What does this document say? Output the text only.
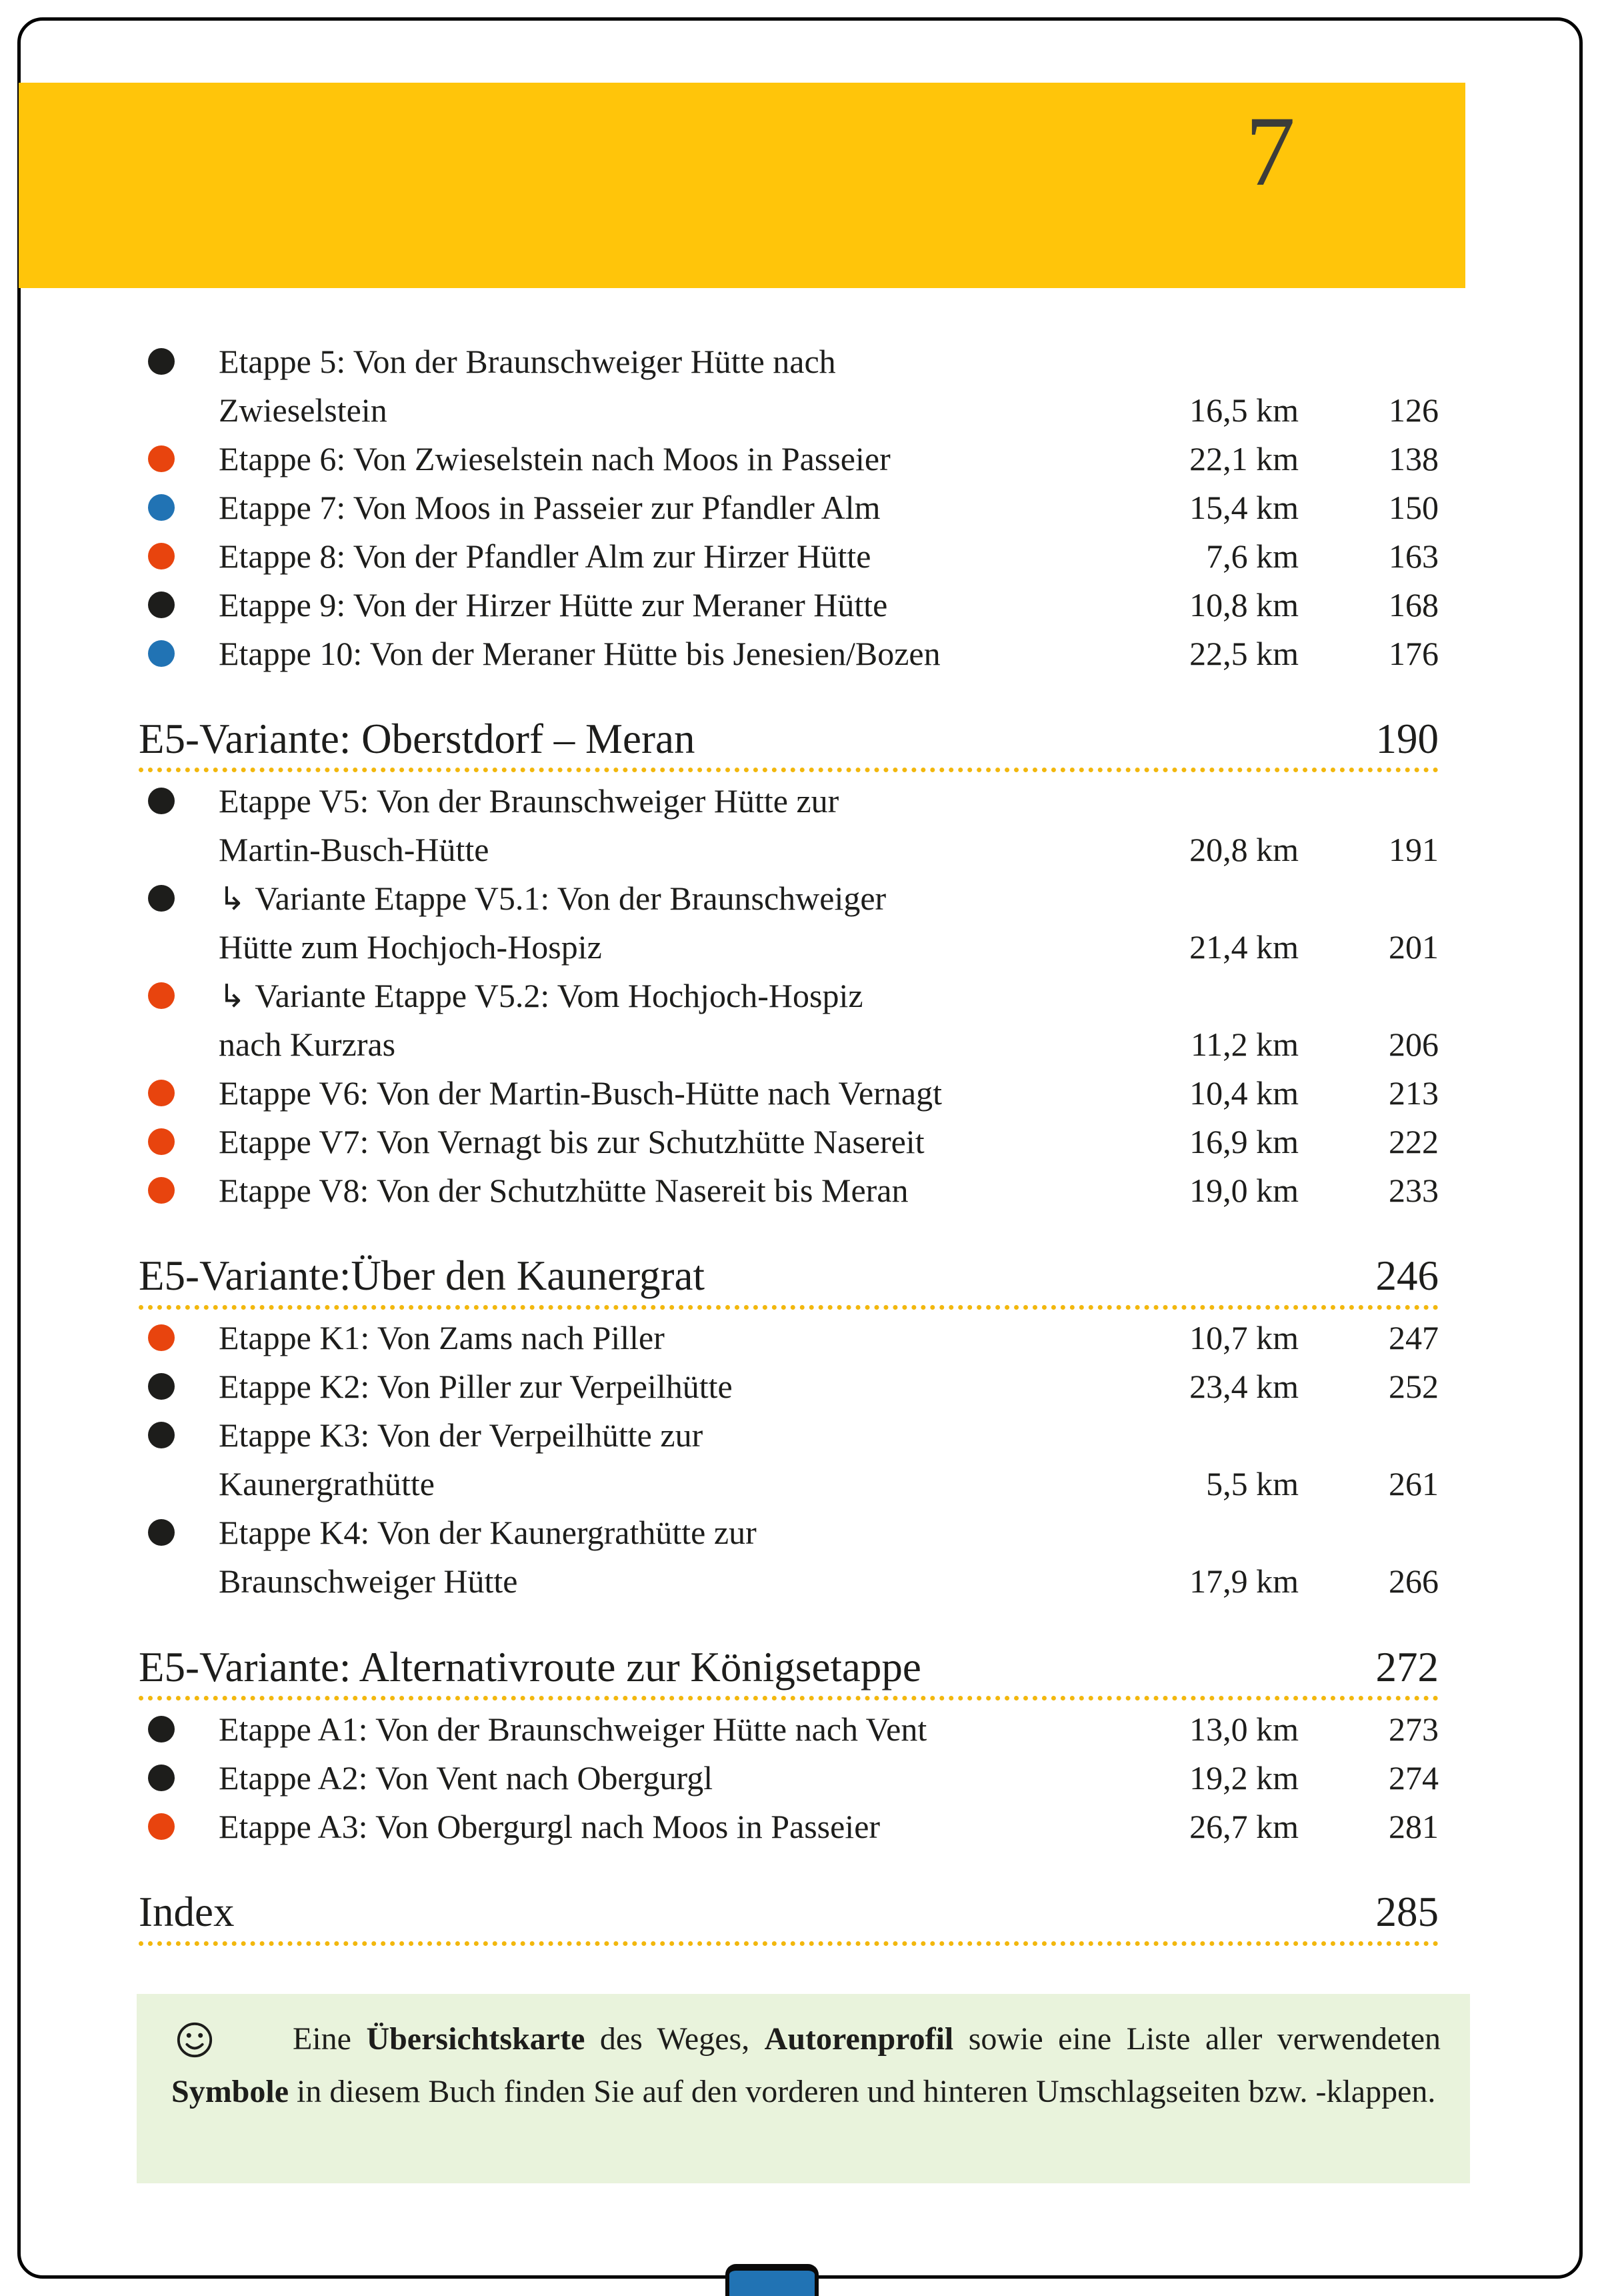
7
Etappe 5: Von der Braunschweiger Hütte nach
Zwieselstein	16,5 km	126
Etappe 6: Von Zwieselstein nach Moos in Passeier	22,1 km	138
Etappe 7: Von Moos in Passeier zur Pfandler Alm	15,4 km	150
Etappe 8: Von der Pfandler Alm zur Hirzer Hütte	7,6 km	163
Etappe 9: Von der Hirzer Hütte zur Meraner Hütte	10,8 km	168
Etappe 10: Von der Meraner Hütte bis Jenesien/Bozen	22,5 km	176
E5-Variante: Oberstdorf – Meran	190
Etappe V5: Von der Braunschweiger Hütte zur
Martin-Busch-Hütte	20,8 km	191
↳ Variante Etappe V5.1: Von der Braunschweiger
Hütte zum Hochjoch-Hospiz	21,4 km	201
↳ Variante Etappe V5.2: Vom Hochjoch-Hospiz
nach Kurzras	11,2 km	206
Etappe V6: Von der Martin-Busch-Hütte nach Vernagt	10,4 km	213
Etappe V7: Von Vernagt bis zur Schutzhütte Nasereit	16,9 km	222
Etappe V8: Von der Schutzhütte Nasereit bis Meran	19,0 km	233
E5-Variante:Über den Kaunergrat	246
Etappe K1: Von Zams nach Piller	10,7 km	247
Etappe K2: Von Piller zur Verpeilhütte	23,4 km	252
Etappe K3: Von der Verpeilhütte zur
Kaunergrathütte	5,5 km	261
Etappe K4: Von der Kaunergrathütte zur
Braunschweiger Hütte	17,9 km	266
E5-Variante: Alternativroute zur Königsetappe	272
Etappe A1: Von der Braunschweiger Hütte nach Vent	13,0 km	273
Etappe A2: Von Vent nach Obergurgl	19,2 km	274
Etappe A3: Von Obergurgl nach Moos in Passeier	26,7 km	281
Index	285
Eine Übersichtskarte des Weges, Autorenprofil sowie eine Liste aller verwendeten Symbole in diesem Buch finden Sie auf den vorderen und hinteren Umschlagseiten bzw. -klappen.
